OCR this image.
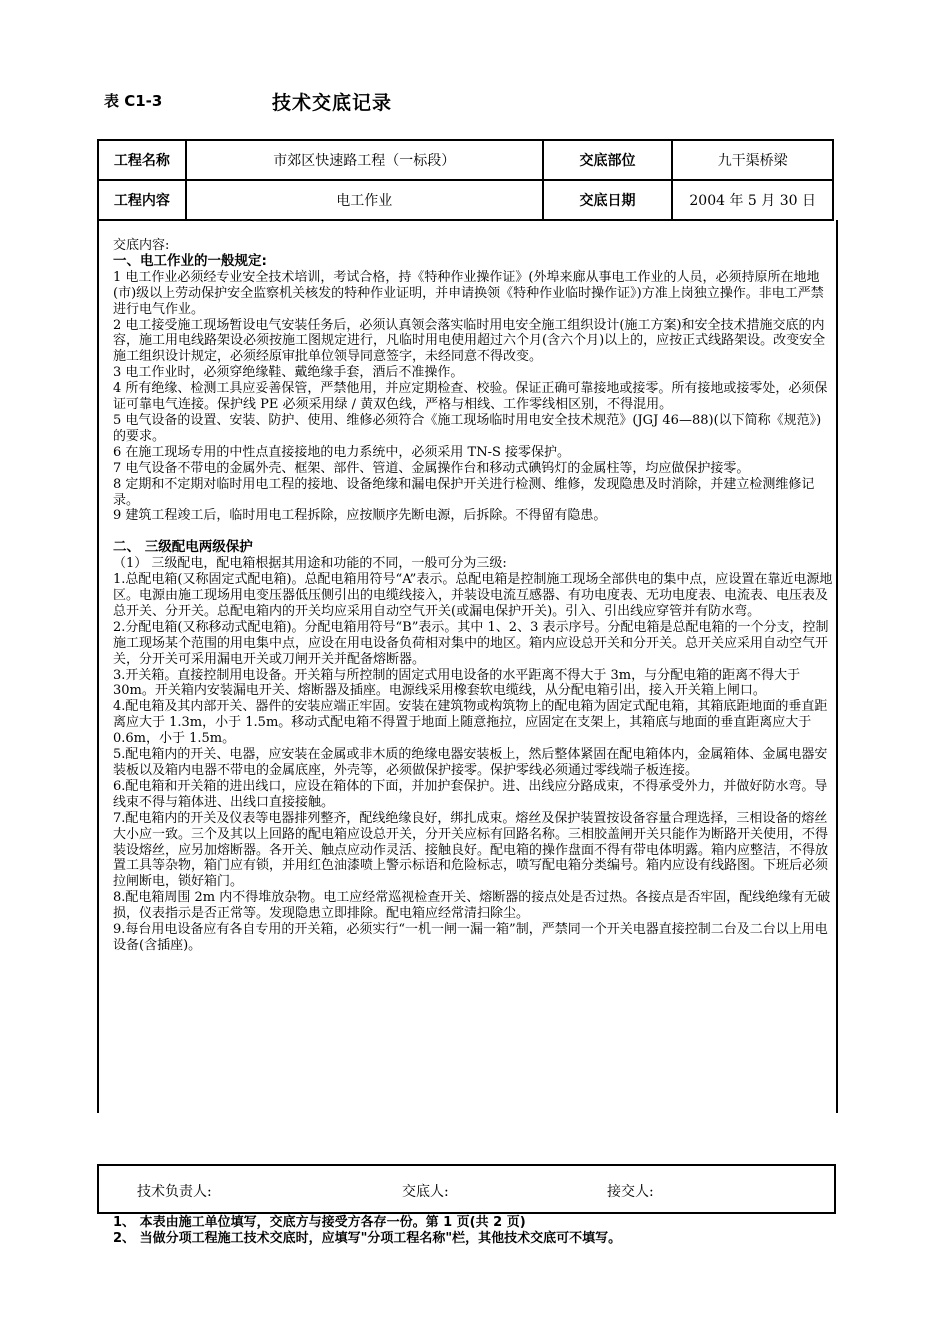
表 C1-3	技术交底记录
工程名称	市郊区快速路工程（一标段）	交底部位	九干渠桥梁
工程内容	电工作业	交底日期	2004 年 5 月 30 日
交底内容:
一、电工作业的一般规定:
1 电工作业必须经专业安全技术培训，考试合格，持《特种作业操作证》(外埠来廊从事电工作业的人员，必须持原所在地地(市)级以上劳动保护安全监察机关核发的特种作业证明，并申请换领《特种作业临时操作证》)方准上岗独立操作。非电工严禁进行电气作业。
2 电工接受施工现场暂设电气安装任务后，必须认真领会落实临时用电安全施工组织设计(施工方案)和安全技术措施交底的内容，施工用电线路架设必须按施工图规定进行，凡临时用电使用超过六个月(含六个月)以上的，应按正式线路架设。改变安全施工组织设计规定，必须经原审批单位领导同意签字，未经同意不得改变。
3 电工作业时，必须穿绝缘鞋、戴绝缘手套，酒后不准操作。
4 所有绝缘、检测工具应妥善保管，严禁他用，并应定期检查、校验。保证正确可靠接地或接零。所有接地或接零处，必须保证可靠电气连接。保护线 PE 必须采用绿 / 黄双色线，严格与相线、工作零线相区别，不得混用。
5 电气设备的设置、安装、防护、使用、维修必须符合《施工现场临时用电安全技术规范》(JGJ 46—88)(以下简称《规范》)的要求。
6 在施工现场专用的中性点直接接地的电力系统中，必须采用 TN-S 接零保护。
7 电气设备不带电的金属外壳、框架、部件、管道、金属操作台和移动式碘钨灯的金属柱等，均应做保护接零。
8 定期和不定期对临时用电工程的接地、设备绝缘和漏电保护开关进行检测、维修，发现隐患及时消除，并建立检测维修记录。
9 建筑工程竣工后，临时用电工程拆除，应按顺序先断电源，后拆除。不得留有隐患。
二、 三级配电两级保护
（1） 三级配电，配电箱根据其用途和功能的不同，一般可分为三级:
1.总配电箱(又称固定式配电箱)。总配电箱用符号“A”表示。总配电箱是控制施工现场全部供电的集中点，应设置在靠近电源地区。电源由施工现场用电变压器低压侧引出的电缆线接入，并装设电流互感器、有功电度表、无功电度表、电流表、电压表及总开关、分开关。总配电箱内的开关均应采用自动空气开关(或漏电保护开关)。引入、引出线应穿管并有防水弯。
2.分配电箱(又称移动式配电箱)。分配电箱用符号“B”表示。其中 1、2、3 表示序号。分配电箱是总配电箱的一个分支，控制施工现场某个范围的用电集中点，应设在用电设备负荷相对集中的地区。箱内应设总开关和分开关。总开关应采用自动空气开关，分开关可采用漏电开关或刀闸开关并配备熔断器。
3.开关箱。直接控制用电设备。开关箱与所控制的固定式用电设备的水平距离不得大于 3m，与分配电箱的距离不得大于 30m。开关箱内安装漏电开关、熔断器及插座。电源线采用橡套软电缆线，从分配电箱引出，接入开关箱上闸口。
4.配电箱及其内部开关、器件的安装应端正牢固。安装在建筑物或构筑物上的配电箱为固定式配电箱，其箱底距地面的垂直距离应大于 1.3m，小于 1.5m。移动式配电箱不得置于地面上随意拖拉，应固定在支架上，其箱底与地面的垂直距离应大于 0.6m，小于 1.5m。
5.配电箱内的开关、电器，应安装在金属或非木质的绝缘电器安装板上，然后整体紧固在配电箱体内，金属箱体、金属电器安装板以及箱内电器不带电的金属底座，外壳等，必须做保护接零。保护零线必须通过零线端子板连接。
6.配电箱和开关箱的进出线口，应设在箱体的下面，并加护套保护。进、出线应分路成束，不得承受外力，并做好防水弯。导线束不得与箱体进、出线口直接接触。
7.配电箱内的开关及仪表等电器排列整齐，配线绝缘良好，绑扎成束。熔丝及保护装置按设备容量合理选择，三相设备的熔丝大小应一致。三个及其以上回路的配电箱应设总开关，分开关应标有回路名称。三相胶盖闸开关只能作为断路开关使用，不得装设熔丝，应另加熔断器。各开关、触点应动作灵活、接触良好。配电箱的操作盘面不得有带电体明露。箱内应整洁，不得放置工具等杂物，箱门应有锁，并用红色油漆喷上警示标语和危险标志，喷写配电箱分类编号。箱内应设有线路图。下班后必须拉闸断电，锁好箱门。
8.配电箱周围 2m 内不得堆放杂物。电工应经常巡视检查开关、熔断器的接点处是否过热。各接点是否牢固，配线绝缘有无破损，仪表指示是否正常等。发现隐患立即排除。配电箱应经常清扫除尘。
9.每台用电设备应有各自专用的开关箱，必须实行“一机一闸一漏一箱”制，严禁同一个开关电器直接控制二台及二台以上用电设备(含插座)。
技术负责人:	交底人:	接交人:
1、 本表由施工单位填写，交底方与接受方各存一份。第 1 页(共 2 页)
2、 当做分项工程施工技术交底时，应填写"分项工程名称"栏，其他技术交底可不填写。
